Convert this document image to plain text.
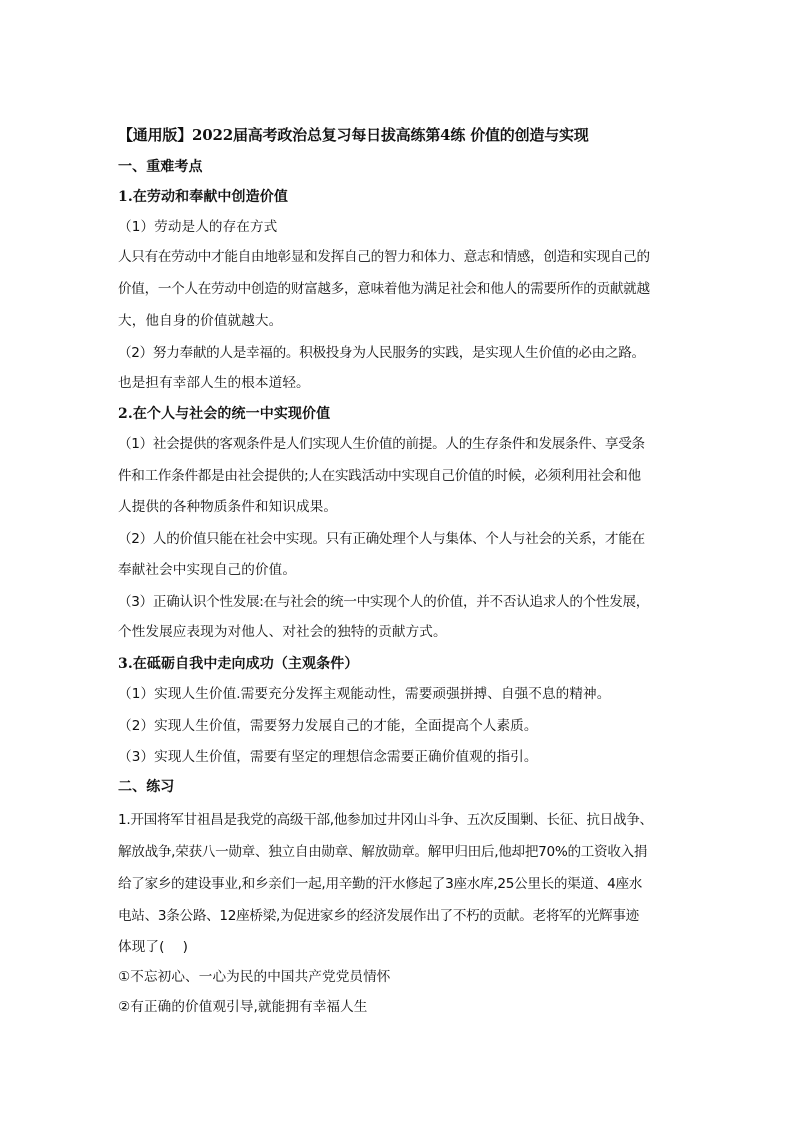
【通用版】2022届高考政治总复习每日拔高练第4练 价值的创造与实现
一、重难考点
1.在劳动和奉献中创造价值
（1）劳动是人的存在方式
人只有在劳动中才能自由地彰显和发挥自己的智力和体力、意志和情感，创造和实现自己的
价值，一个人在劳动中创造的财富越多，意味着他为满足社会和他人的需要所作的贡献就越
大，他自身的价值就越大。
（2）努力奉献的人是幸福的。积极投身为人民服务的实践，是实现人生价值的必由之路。
也是担有幸部人生的根本道轻。
2.在个人与社会的统一中实现价值
（1）社会提供的客观条件是人们实现人生价值的前提。人的生存条件和发展条件、享受条
件和工作条件都是由社会提供的;人在实践活动中实现自己价值的时候，必须利用社会和他
人提供的各种物质条件和知识成果。
（2）人的价值只能在社会中实现。只有正确处理个人与集体、个人与社会的关系，才能在
奉献社会中实现自己的价值。
（3）正确认识个性发展:在与社会的统一中实现个人的价值，并不否认追求人的个性发展，
个性发展应表现为对他人、对社会的独特的贡献方式。
3.在砥砺自我中走向成功（主观条件）
（1）实现人生价值.需要充分发挥主观能动性，需要顽强拼搏、自强不息的精神。
（2）实现人生价值，需要努力发展自己的才能，全面提高个人素质。
（3）实现人生价值，需要有坚定的理想信念需要正确价值观的指引。
二、练习
1.开国将军甘祖昌是我党的高级干部,他参加过井冈山斗争、五次反围剿、长征、抗日战争、
解放战争,荣获八一勋章、独立自由勋章、解放勋章。解甲归田后,他却把70%的工资收入捐
给了家乡的建设事业,和乡亲们一起,用辛勤的汗水修起了3座水库,25公里长的渠道、4座水
电站、3条公路、12座桥梁,为促进家乡的经济发展作出了不朽的贡献。老将军的光辉事迹
体现了(　 )
①不忘初心、一心为民的中国共产党党员情怀
②有正确的价值观引导,就能拥有幸福人生
